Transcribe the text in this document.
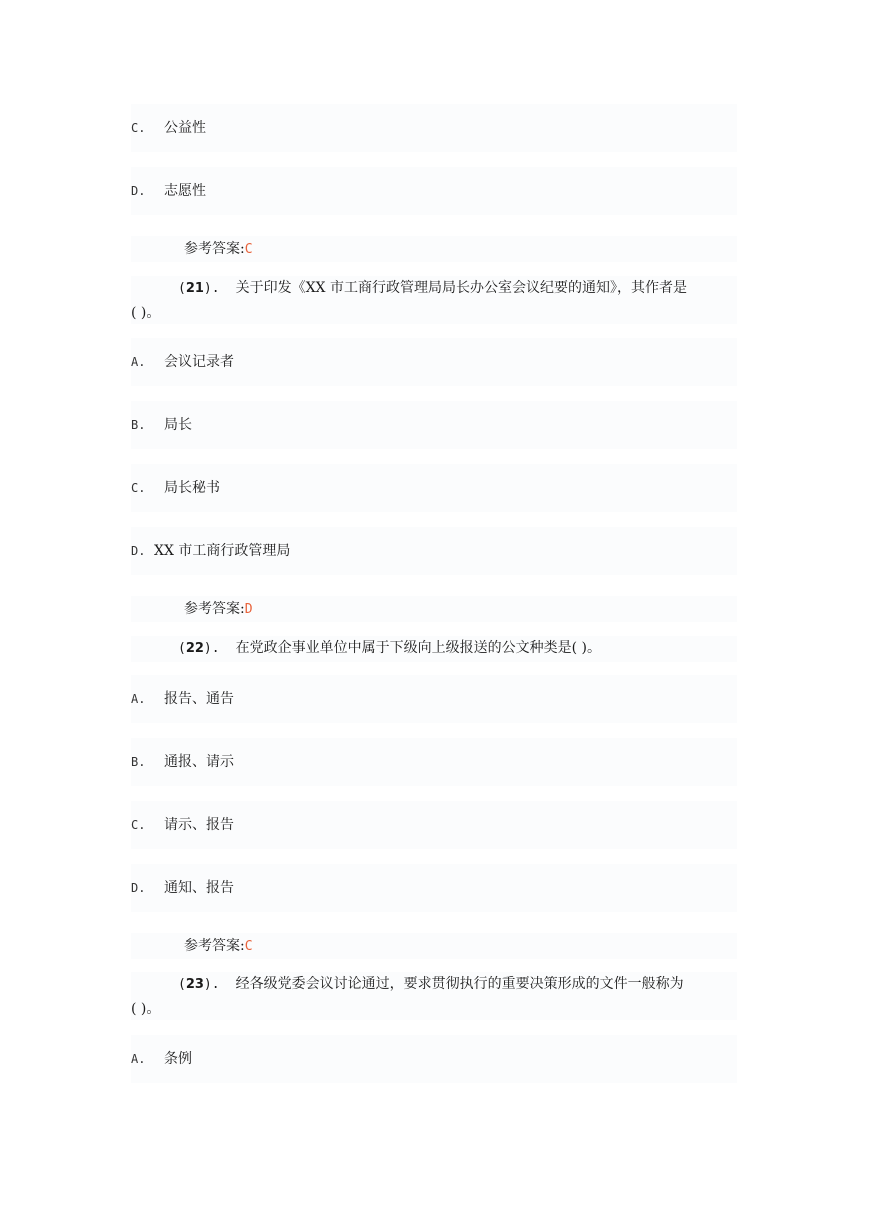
C. 公益性
D. 志愿性
参考答案:C
(21). 关于印发《XX 市工商行政管理局局长办公室会议纪要的通知》，其作者是
( )。
A. 会议记录者
B. 局长
C. 局长秘书
D. XX 市工商行政管理局
参考答案:D
(22). 在党政企事业单位中属于下级向上级报送的公文种类是( )。
A. 报告、通告
B. 通报、请示
C. 请示、报告
D. 通知、报告
参考答案:C
(23). 经各级党委会议讨论通过，要求贯彻执行的重要决策形成的文件一般称为
( )。
A. 条例
